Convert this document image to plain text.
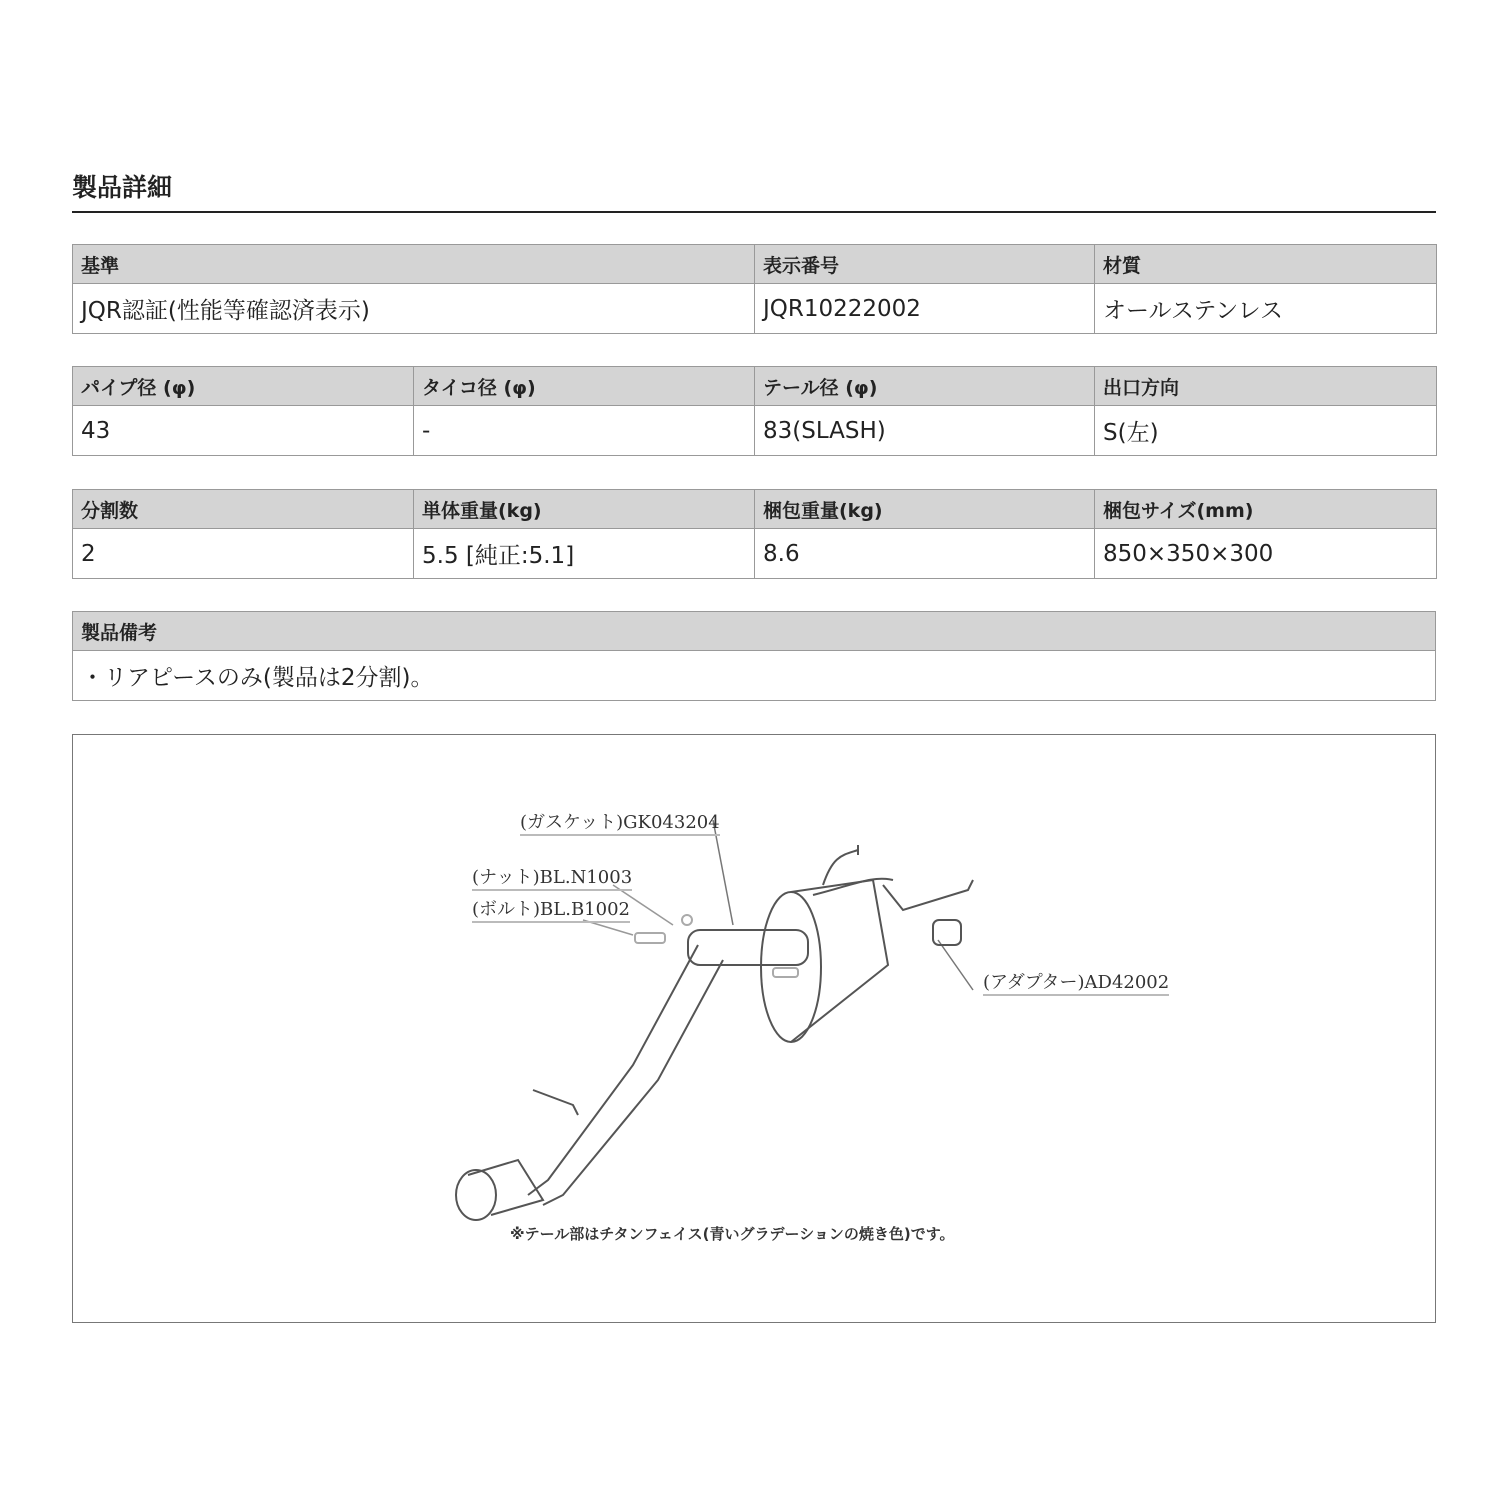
製品詳細
基準	表示番号	材質
JQR認証(性能等確認済表示)	JQR10222002	オールステンレス
パイプ径 (φ)	タイコ径 (φ)	テール径 (φ)	出口方向
43	-	83(SLASH)	S(左)
分割数	単体重量(kg)	梱包重量(kg)	梱包サイズ(mm)
2	5.5 [純正:5.1]	8.6	850×350×300
製品備考
・リアピースのみ(製品は2分割)。
(ガスケット)GK043204
(ナット)BL.N1003
(ボルト)BL.B1002
(アダプター)AD42002
※テール部はチタンフェイス(青いグラデーションの焼き色)です。
